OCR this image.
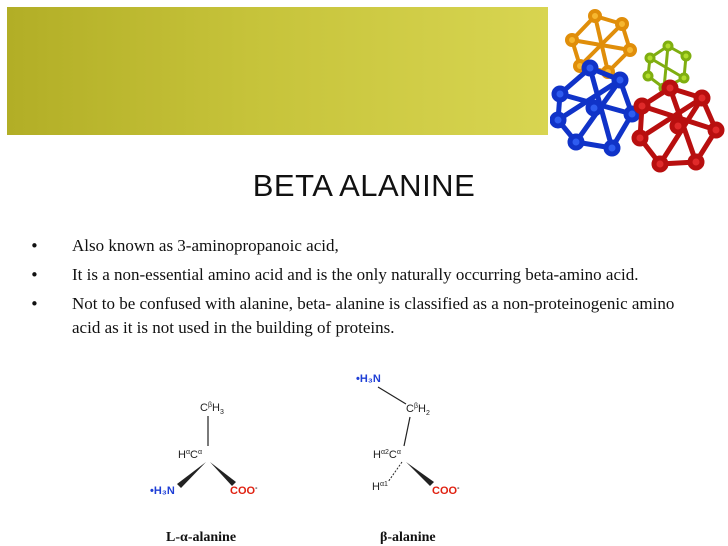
BETA ALANINE
• Also known as 3-aminopropanoic acid,
• It is a non-essential amino acid and is the only naturally occurring beta-amino acid.
• Not to be confused with alanine, beta- alanine is classified as a non-proteinogenic amino acid as it is not used in the building of proteins.
$C^\beta H_3$
$H^\alpha C^\alpha$
•H₃N	COO-
L-α-alanine
•H₃N
$C^\beta H_2$
$H^{\alpha 2}C^\alpha$
$H^{\alpha 1}$
COO-
β-alanine
